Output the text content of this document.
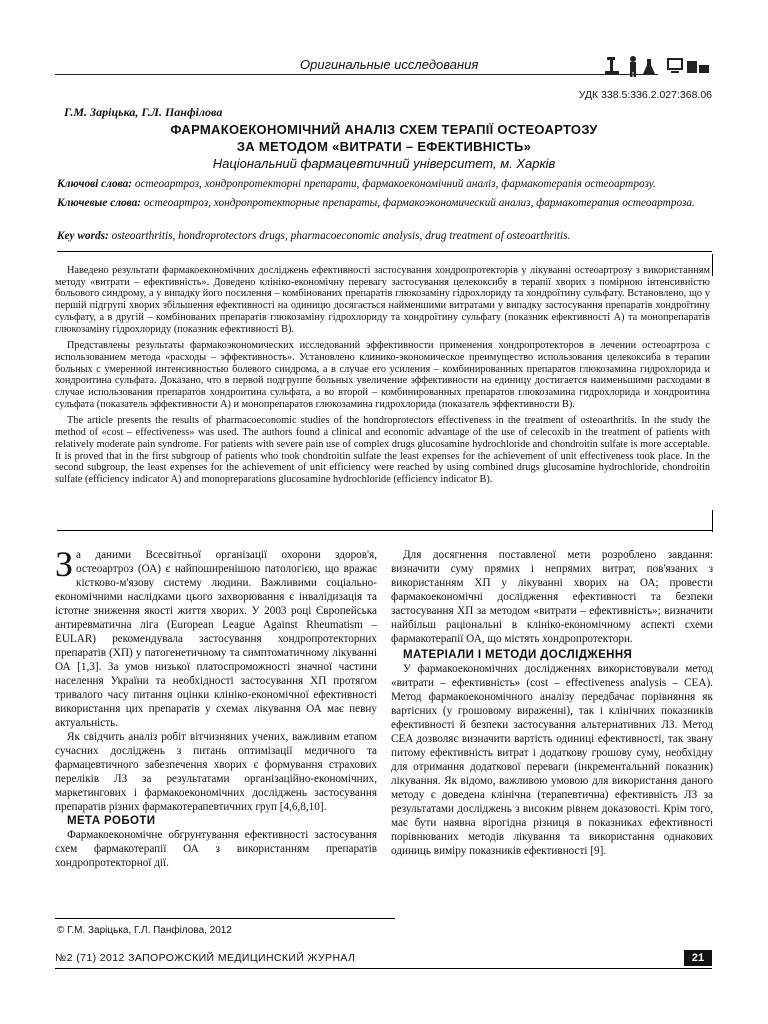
Оригинальные исследования
УДК 338.5:336.2.027:368.06
Г.М. Заріцька, Г.Л. Панфілова
ФАРМАКОЕКОНОМІЧНИЙ АНАЛІЗ СХЕМ ТЕРАПІЇ ОСТЕОАРТОЗУ
ЗА МЕТОДОМ «ВИТРАТИ – ЕФЕКТИВНІСТЬ»
Національний фармацевтичний університет, м. Харків
Ключові слова: остеоартроз, хондропротекторні препарати, фармакоекономічний аналіз, фармакотерапія остеоартрозу.
Ключевые слова: остеоартроз, хондропротекторные препараты, фармакоэкономический анализ, фармакотерапия остеоартроза.
Key words: osteoarthritis, hondroprotectors drugs, pharmacoeconomic analysis, drug treatment of osteoarthritis.

Наведено результати фармакоекономічних досліджень ефективності застосування хондропротекторів у лікуванні остеоартрозу з використанням методу «витрати – ефективність». Доведено клініко-економічну перевагу застосування целекоксибу в терапії хворих з помірною інтенсивністю больового синдрому, а у випадку його посилення – комбінованих препаратів глюкозаміну гідрохлориду та хондроїтину сульфату. Встановлено, що у першій підгрупі хворих збільшення ефективності на одиницю досягається найменшими витратами у випадку застосування препаратів хондроїтину сульфату, а в другій – комбінованих препаратів глюкозаміну гідрохлориду та хондроїтину сульфату (показник ефективності А) та монопрепаратів глюкозаміну гідрохлориду (показник ефективності В).

Представлены результаты фармакоэкономических исследований эффективности применения хондропротекторов в лечении остеоартроза с использованием метода «расходы – эффективность». Установлено клинико-экономическое преимущество использования целекоксиба в терапии больных с умеренной интенсивностью болевого синдрома, а в случае его усиления – комбинированных препаратов глюкозамина гидрохлорида и хондроитина сульфата. Доказано, что в первой подгруппе больных увеличение эффективности на единицу достигается наименьшими расходами в случае использования препаратов хондроитина сульфата, а во второй – комбинированных препаратов глюкозамина гидрохлорида и хондроитина сульфата (показатель эффективности А) и монопрепаратов глюкозамина гидрохлорида (показатель эффективности В).

The article presents the results of pharmacoeconomic studies of the hondroprotectors effectiveness in the treatment of osteoarthritis. In the study the method of «cost – effectiveness» was used. The authors found a clinical and economic advantage of the use of celecoxib in the treatment of patients with relatively moderate pain syndrome. For patients with severe pain use of complex drugs glucosamine hydrochloride and chondroitin sulfate is more acceptable. It is proved that in the first subgroup of patients who took chondroitin sulfate the least expenses for the achievement of unit effectiveness took place. In the second subgroup, the least expenses for the achievement of unit efficiency were reached by using combined drugs glucosamine hydrochloride, chondroitin sulfate (efficiency indicator A) and monopreparations glucosamine hydrochloride (efficiency indicator B).

За даними Всесвітньої організації охорони здоров'я, остеоартроз (ОА) є найпоширенішою патологією, що вражає кістково-м'язову систему людини. Важливими соціально-економічними наслідками цього захворювання є інвалідизація та істотне зниження якості життя хворих. У 2003 році Європейська антиревматична ліга (European League Against Rheumatism – EULAR) рекомендувала застосування хондропротекторних препаратів (ХП) у патогенетичному та симптоматичному лікуванні ОА [1,3]. За умов низької платоспроможності значної частини населення України та необхідності застосування ХП протягом тривалого часу питання оцінки клініко-економічної ефективності використання цих препаратів у схемах лікування ОА має певну актуальність.

Як свідчить аналіз робіт вітчизняних учених, важливим етапом сучасних досліджень з питань оптимізації медичного та фармацевтичного забезпечення хворих є формування страхових переліків ЛЗ за результатами організаційно-економічних, маркетингових і фармакоекономічних досліджень застосування препаратів різних фармакотерапевтичних груп [4,6,8,10].

МЕТА РОБОТИ

Фармакоекономічне обгрунтування ефективності застосування схем фармакотерапії ОА з використанням препаратів хондропротекторної дії.

Для досягнення поставленої мети розроблено завдання: визначити суму прямих і непрямих витрат, пов'язаних з використанням ХП у лікуванні хворих на ОА; провести фармакоекономічні дослідження ефективності та безпеки застосування ХП за методом «витрати – ефективність»; визначити найбільш раціональні в клініко-економічному аспекті схеми фармакотерапії ОА, що містять хондропротектори.

МАТЕРІАЛИ І МЕТОДИ ДОСЛІДЖЕННЯ

У фармакоекономічних дослідженнях використовували метод «витрати – ефективність» (cost – effectiveness analysis – CEA). Метод фармакоекономічного аналізу передбачає порівняння як вартісних (у грошовому вираженні), так і клінічних показників ефективності й безпеки застосування альтернативних ЛЗ. Метод CEA дозволяє визначити вартість одиниці ефективності, так звану питому ефективність витрат і додаткову грошову суму, необхідну для отримання додаткової переваги (інкрементальний показник) лікування. Як відомо, важливою умовою для використання даного методу є доведена клінічна (терапевтична) ефективність ЛЗ за результатами досліджень з високим рівнем доказовості. Крім того, має бути наявна вірогідна різниця в показниках ефективності порівнюваних методів лікування та використання однакових одиниць виміру показників ефективності [9].

© Г.М. Заріцька, Г.Л. Панфілова, 2012
№2 (71) 2012 ЗАПОРОЖСКИЙ МЕДИЦИНСКИЙ ЖУРНАЛ	21
